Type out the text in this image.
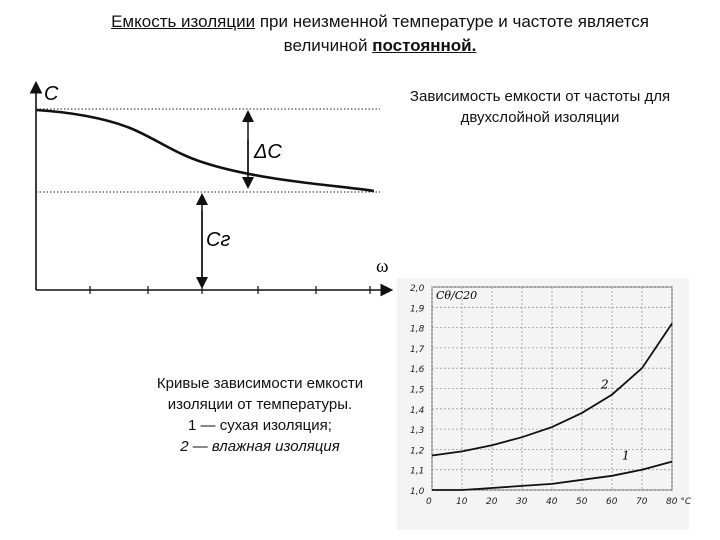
Емкость изоляции при неизменной температуре и частоте является
величиной постоянной.
Зависимость емкости от частоты для
двухслойной изоляции
Кривые зависимости емкости
изоляции от температуры.
1 — сухая изоляция;
2 — влажная изоляция
C
ω
ΔC
Cг
1,0
1,1
1,2
1,3
1,4
1,5
1,6
1,7
1,8
1,9
2,0
0	10 20 30 40 50 60 70 80 °C
1
2
Cθ/C20
